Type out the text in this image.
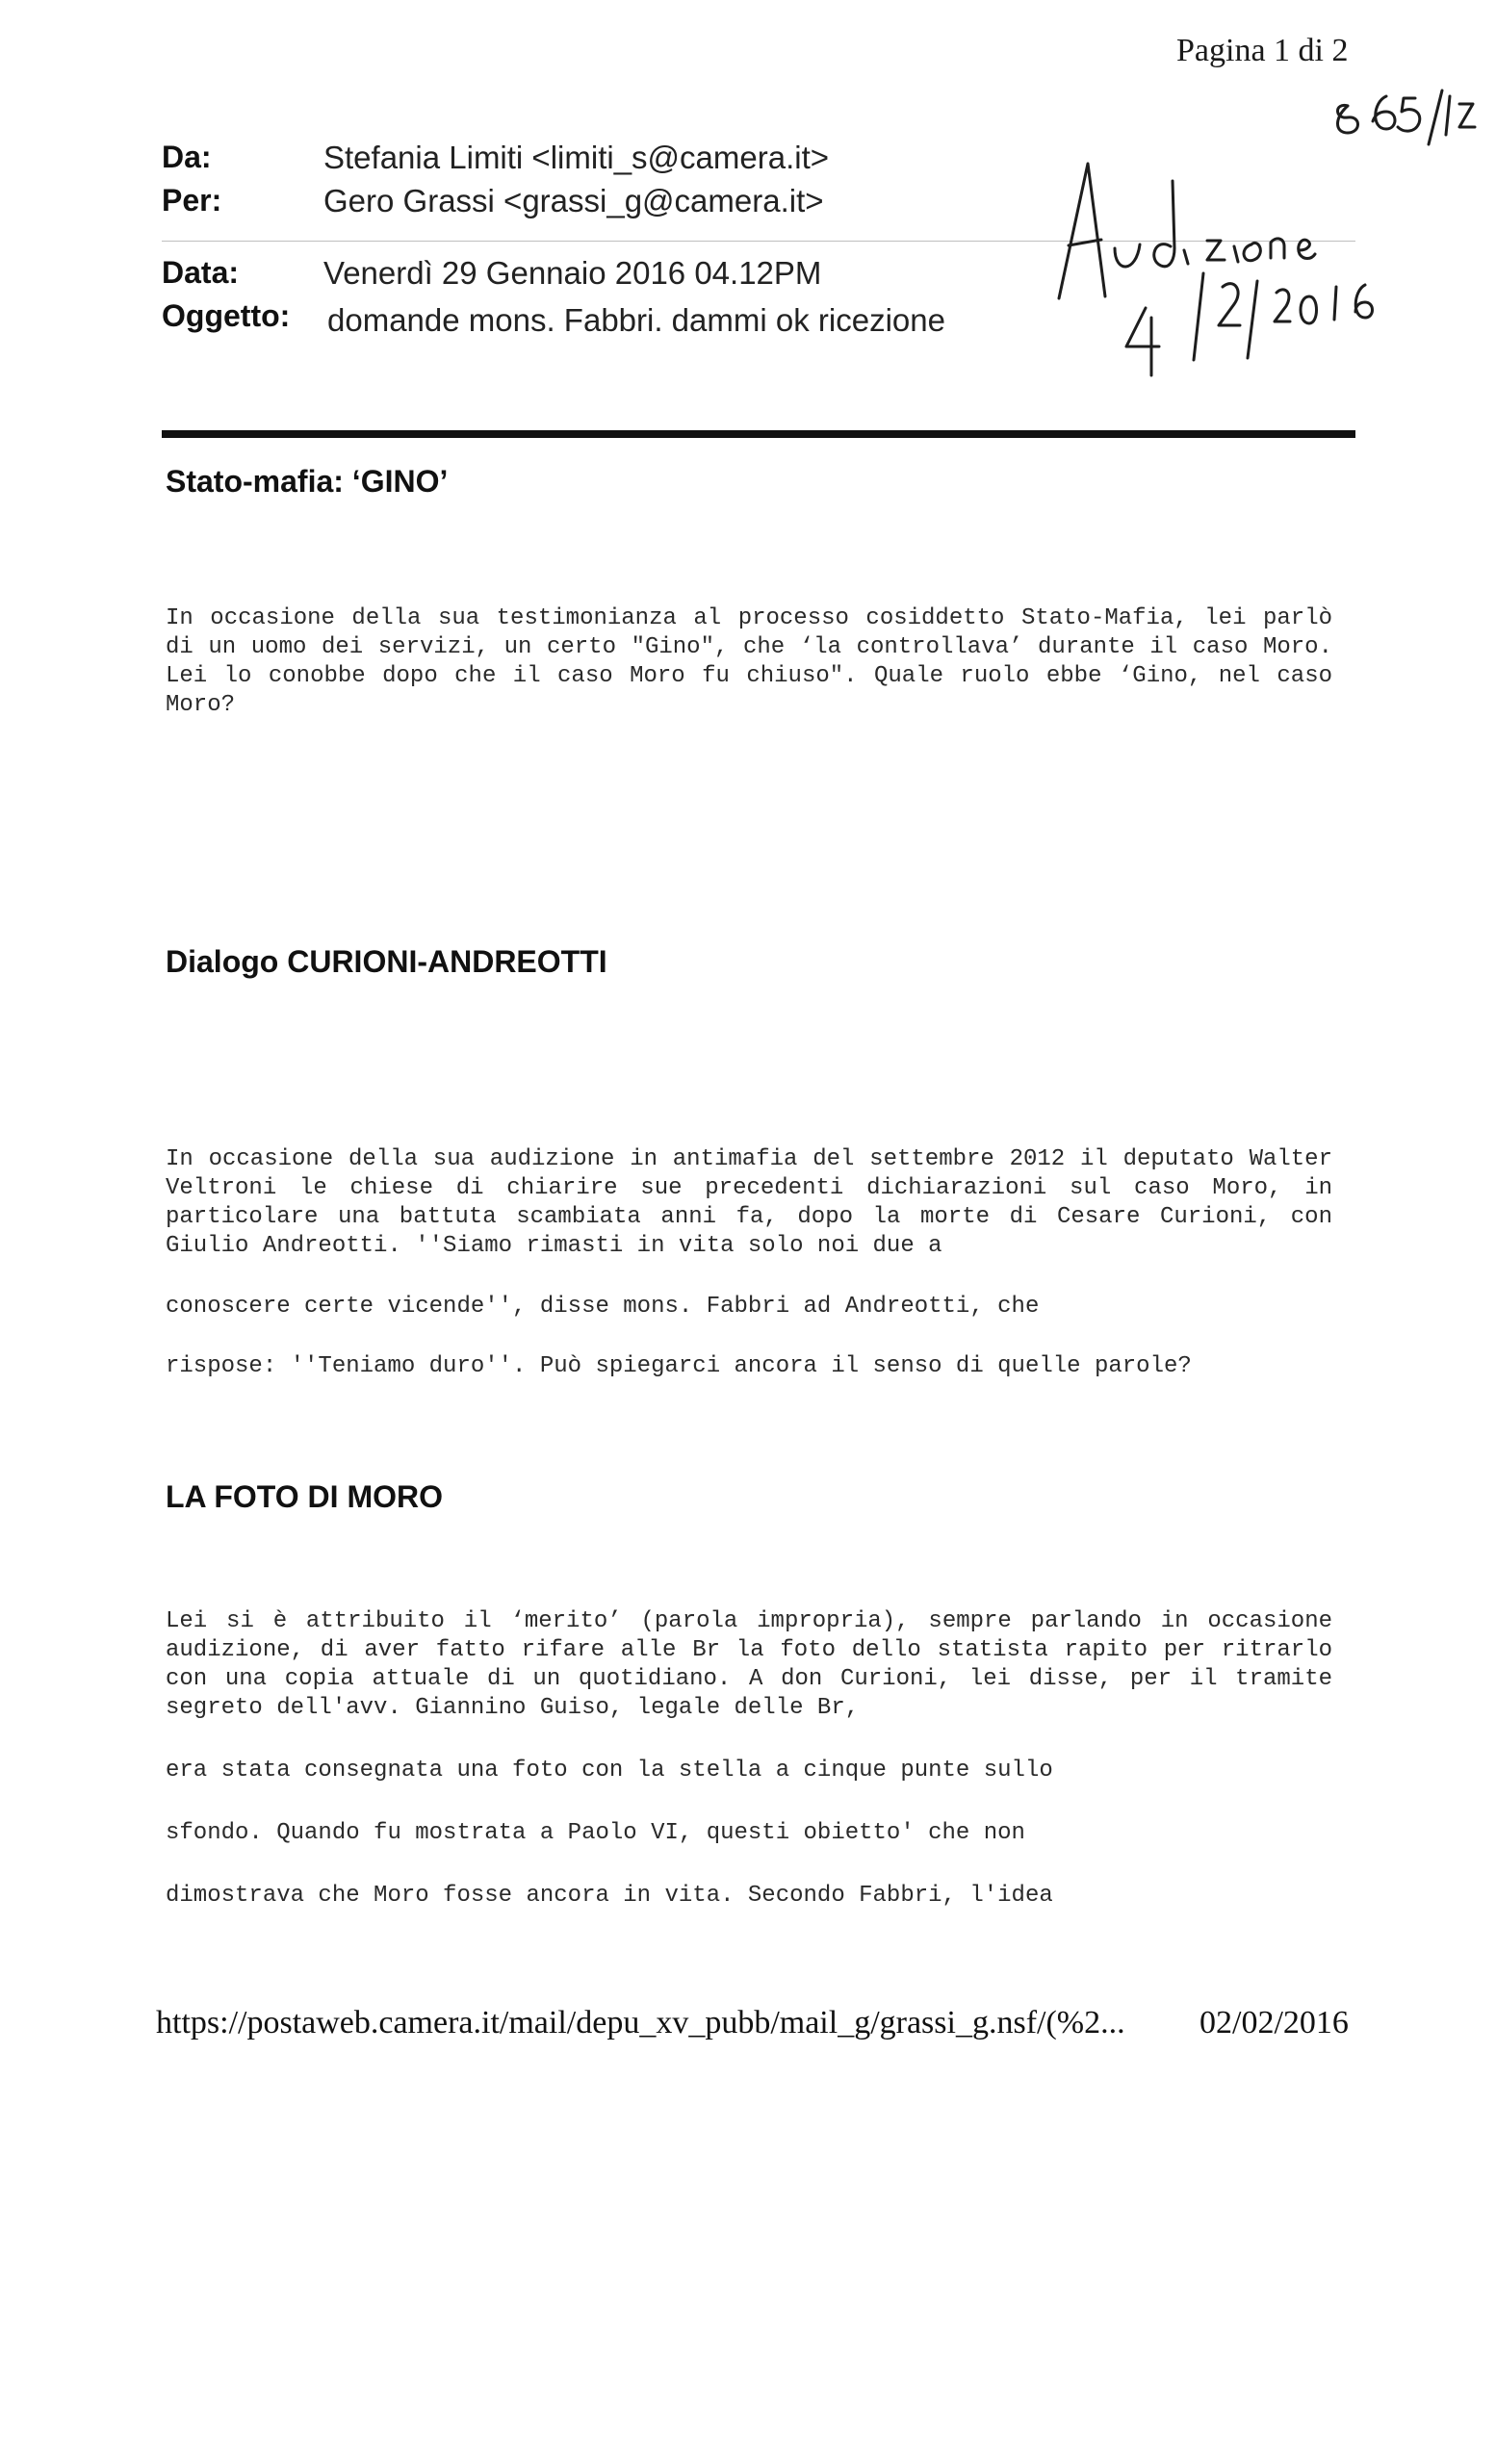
Pagina 1 di 2
Da:	Stefania Limiti <limiti_s@camera.it>
Per:	Gero Grassi <grassi_g@camera.it>
Data:	Venerdì 29 Gennaio 2016 04.12PM
Oggetto: domande mons. Fabbri. dammi ok ricezione
Stato-mafia: ‘GINO’
In occasione della sua testimonianza al processo cosiddetto Stato-Mafia, lei parlò di un uomo dei servizi, un certo "Gino", che ‘la controllava’ durante il caso Moro. Lei lo conobbe dopo che il caso Moro fu chiuso". Quale ruolo ebbe ‘Gino, nel caso Moro?
Dialogo CURIONI-ANDREOTTI
In occasione della sua audizione in antimafia del settembre 2012 il deputato Walter Veltroni le chiese di chiarire sue precedenti dichiarazioni sul caso Moro, in particolare una battuta scambiata anni fa, dopo la morte di Cesare Curioni, con Giulio Andreotti. ''Siamo rimasti in vita solo noi due a
conoscere certe vicende'', disse mons. Fabbri ad Andreotti, che
rispose: ''Teniamo duro''. Può spiegarci ancora il senso di quelle parole?
LA FOTO DI MORO
Lei si è attribuito il ‘merito’ (parola impropria), sempre parlando in occasione audizione, di aver fatto rifare alle Br la foto dello statista rapito per ritrarlo con una copia attuale di un quotidiano. A don Curioni, lei disse, per il tramite segreto dell'avv. Giannino Guiso, legale delle Br,
era stata consegnata una foto con la stella a cinque punte sullo
sfondo. Quando fu mostrata a Paolo VI, questi obietto' che non
dimostrava che Moro fosse ancora in vita. Secondo Fabbri, l'idea
https://postaweb.camera.it/mail/depu_xv_pubb/mail_g/grassi_g.nsf/(%2... 02/02/2016
